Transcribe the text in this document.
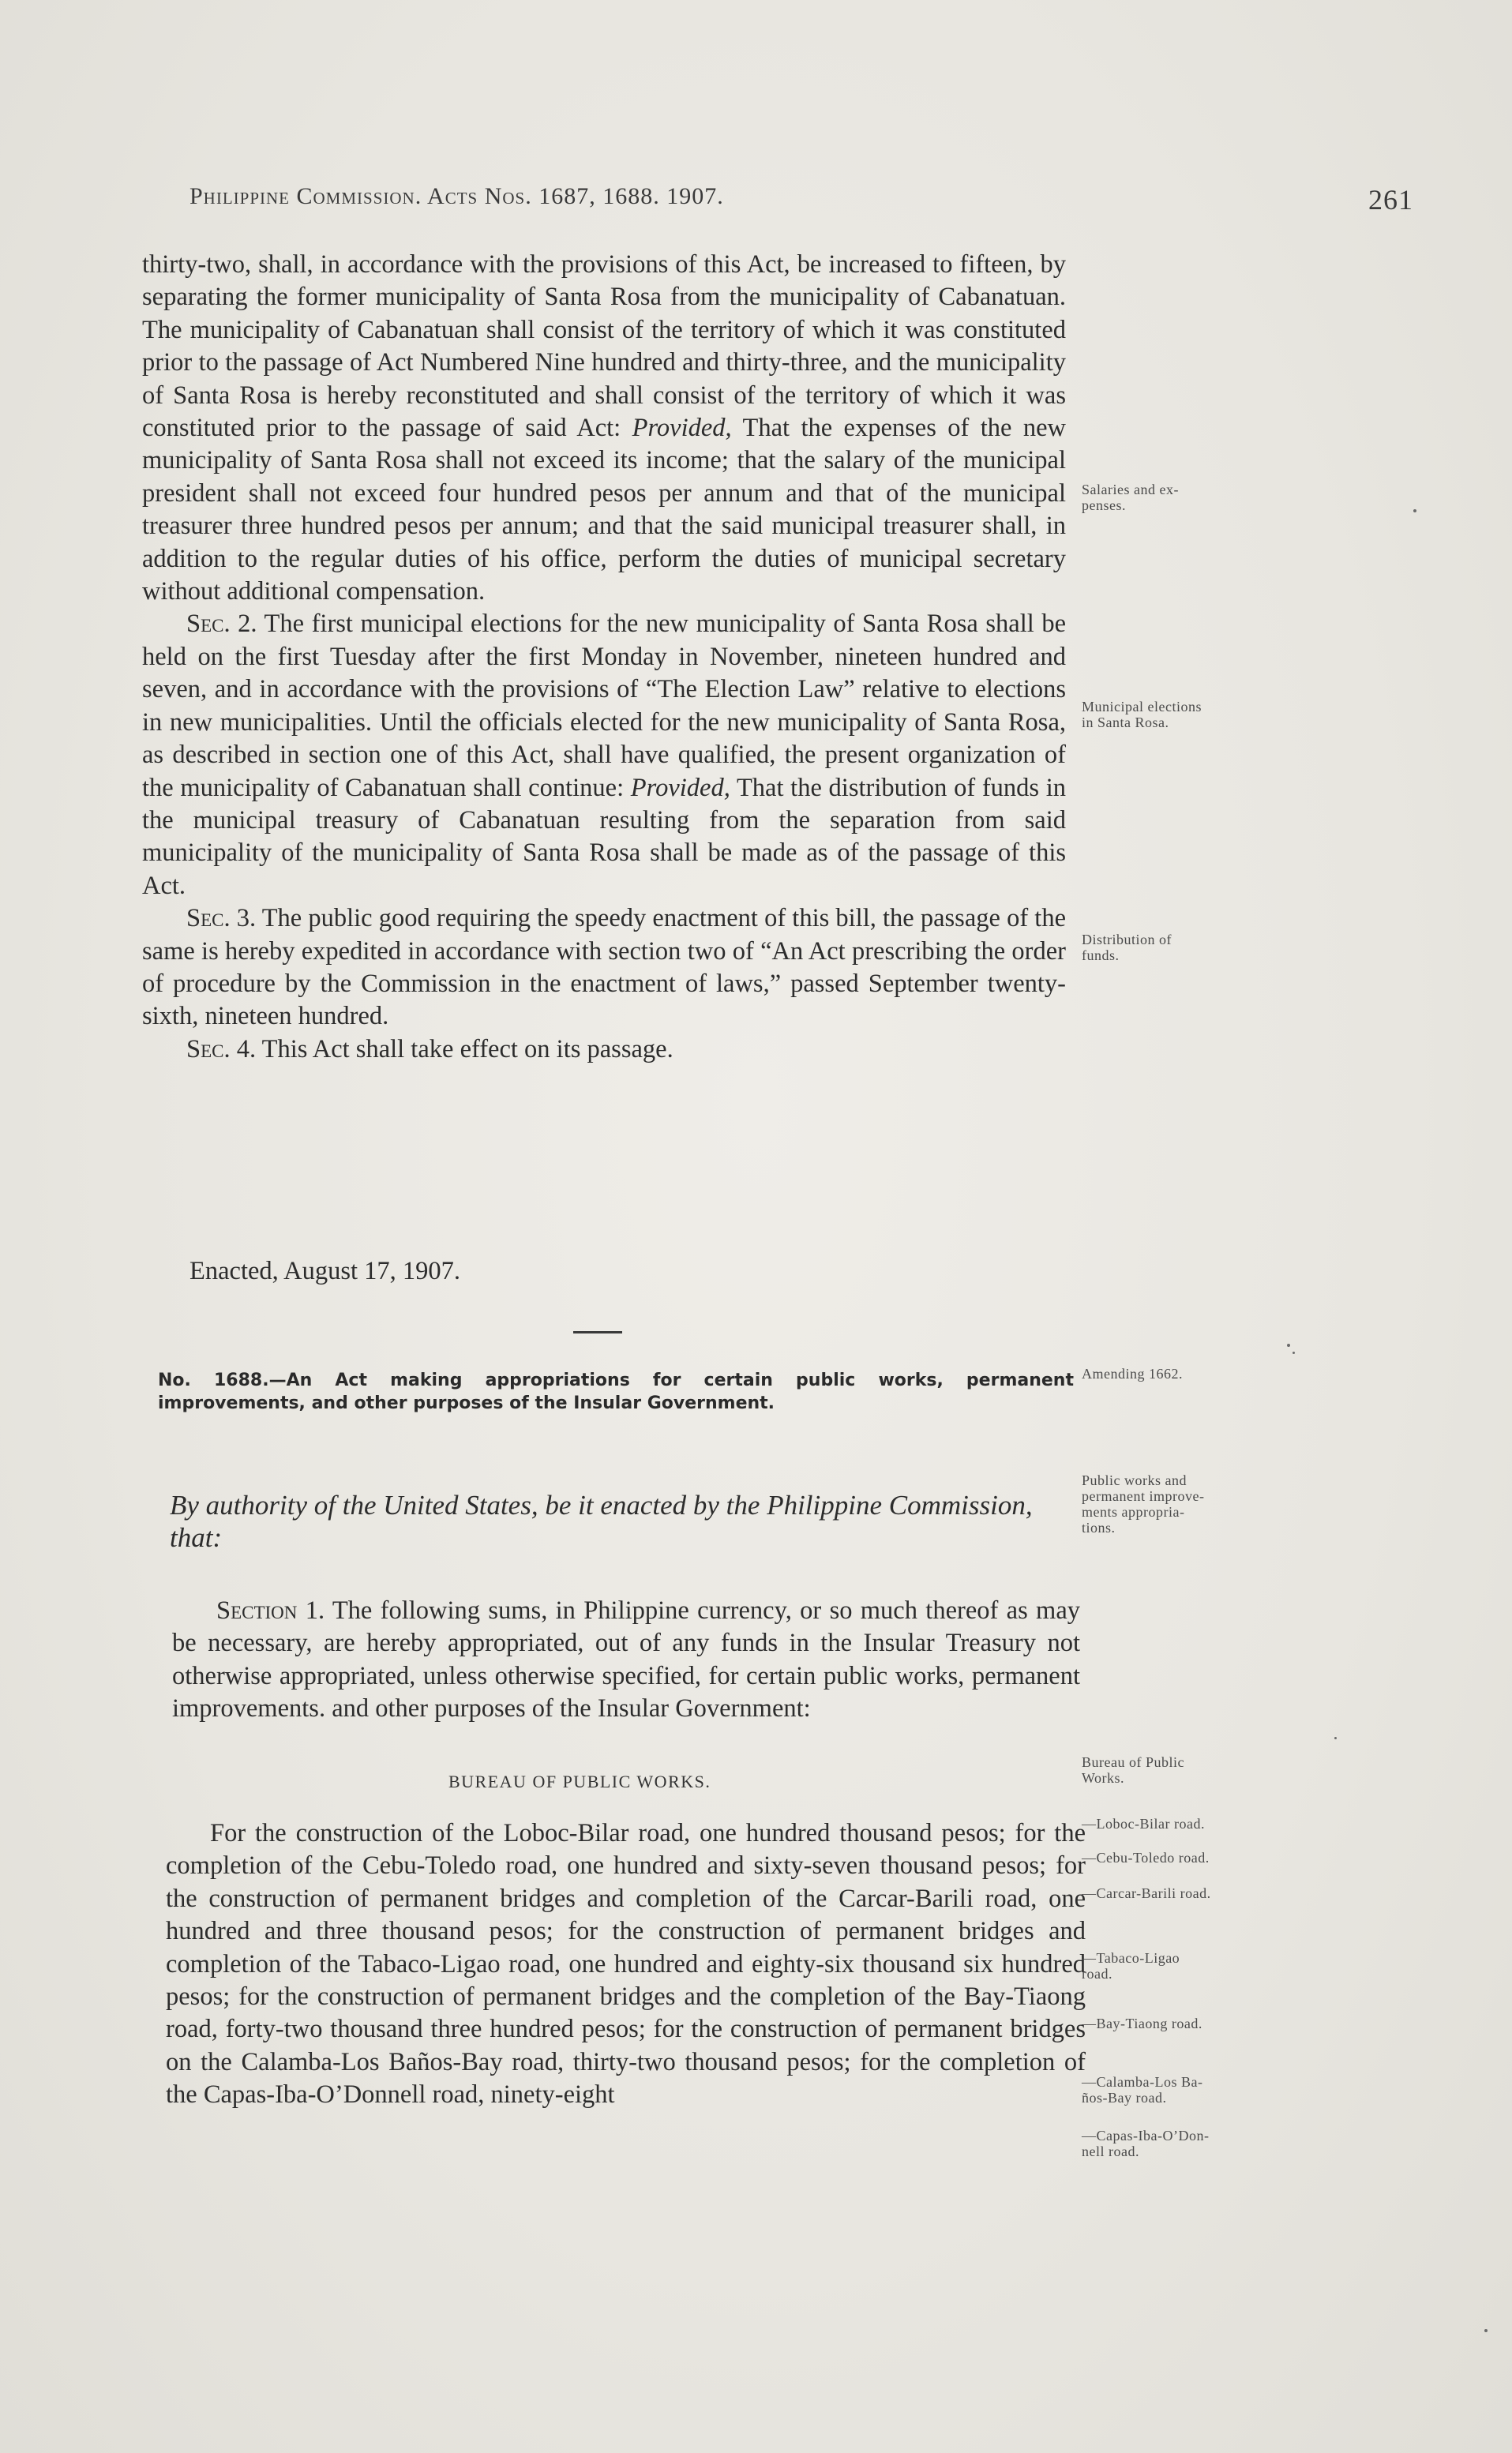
Philippine Commission. Acts Nos. 1687, 1688. 1907.	261

thirty-two, shall, in accordance with the provisions of this Act, be increased to fifteen, by separating the former municipality of Santa Rosa from the municipality of Cabanatuan. The municipality of Cabanatuan shall consist of the territory of which it was constituted prior to the passage of Act Numbered Nine hundred and thirty-three, and the municipality of Santa Rosa is hereby reconstituted and shall consist of the territory of which it was constituted prior to the passage of said Act: Provided, That the expenses of the new municipality of Santa Rosa shall not exceed its income; that the salary of the municipal president shall not exceed four hundred pesos per annum and that of the municipal treasurer three hundred pesos per annum; and that the said municipal treasurer shall, in addition to the regular duties of his office, perform the duties of municipal secretary without additional compensation.

Sec. 2. The first municipal elections for the new municipality of Santa Rosa shall be held on the first Tuesday after the first Monday in November, nineteen hundred and seven, and in accordance with the provisions of “The Election Law” relative to elections in new municipalities. Until the officials elected for the new municipality of Santa Rosa, as described in section one of this Act, shall have qualified, the present organization of the municipality of Cabanatuan shall continue: Provided, That the distribution of funds in the municipal treasury of Cabanatuan resulting from the separation from said municipality of the municipality of Santa Rosa shall be made as of the passage of this Act.

Sec. 3. The public good requiring the speedy enactment of this bill, the passage of the same is hereby expedited in accordance with section two of “An Act prescribing the order of procedure by the Commission in the enactment of laws,” passed September twenty-sixth, nineteen hundred.

Sec. 4. This Act shall take effect on its passage.

Enacted, August 17, 1907.
No. 1688.—An Act making appropriations for certain public works, permanent improvements, and other purposes of the Insular Government.
By authority of the United States, be it enacted by the Philippine Commission, that:

Section 1. The following sums, in Philippine currency, or so much thereof as may be necessary, are hereby appropriated, out of any funds in the Insular Treasury not otherwise appropriated, unless otherwise specified, for certain public works, permanent improvements. and other purposes of the Insular Government:

BUREAU OF PUBLIC WORKS.

For the construction of the Loboc-Bilar road, one hundred thousand pesos; for the completion of the Cebu-Toledo road, one hundred and sixty-seven thousand pesos; for the construction of permanent bridges and completion of the Carcar-Barili road, one hundred and three thousand pesos; for the construction of permanent bridges and completion of the Tabaco-Ligao road, one hundred and eighty-six thousand six hundred pesos; for the construction of permanent bridges and the completion of the Bay-Tiaong road, forty-two thousand three hundred pesos; for the construction of permanent bridges on the Calamba-Los Baños-Bay road, thirty-two thousand pesos; for the completion of the Capas-Iba-O’Donnell road, ninety-eight

Salaries and ex-
penses.
Municipal elections
in Santa Rosa.
Distribution of
funds.
Amending 1662.
Public works and
permanent improve-
ments appropria-
tions.
Bureau of Public
Works.
—Loboc-Bilar road.
—Cebu-Toledo road.
—Carcar-Barili road.
—Tabaco-Ligao
road.
—Bay-Tiaong road.
—Calamba-Los Ba-
ños-Bay road.
—Capas-Iba-O’Don-
nell road.
